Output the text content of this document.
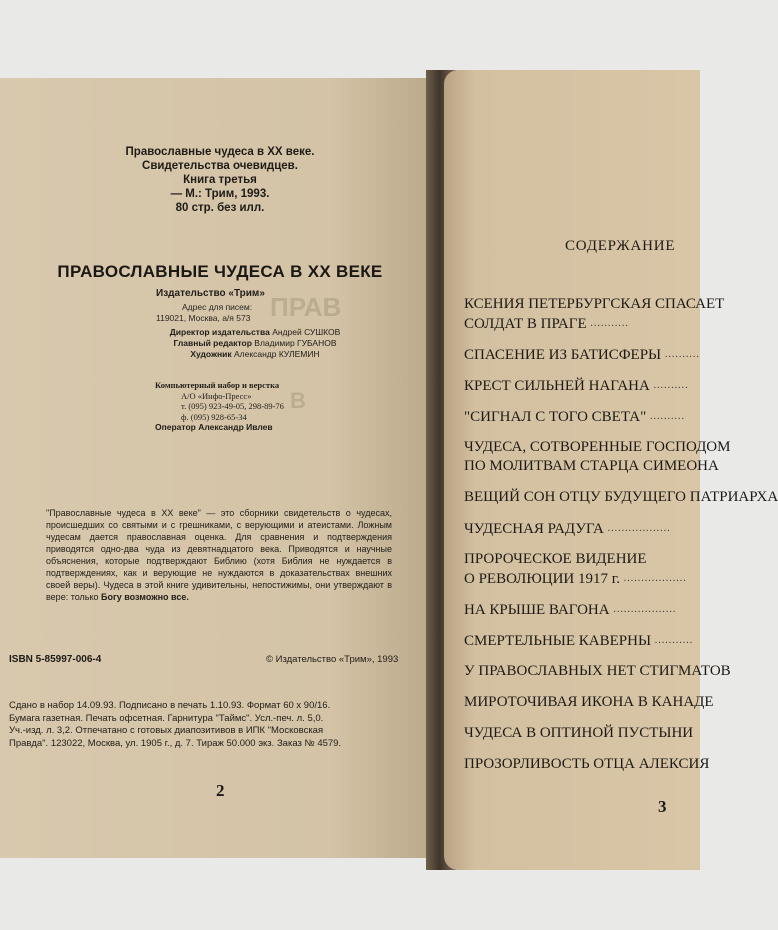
ПРАВ
В
Православные чудеса в ХХ веке.
Свидетельства очевидцев.
Книга третья
— М.: Трим, 1993.
80 стр. без илл.
ПРАВОСЛАВНЫЕ ЧУДЕСА В ХХ ВЕКЕ
Издательство «Трим»
Адрес для писем:
119021, Москва, а/я 573
Директор издательства Андрей СУШКОВ
Главный редактор Владимир ГУБАНОВ
Художник Александр КУЛЕМИН
Компьютерный набор и верстка
А/О «Инфо-Пресс»
т. (095) 923-49-05, 298-89-76
ф. (095) 928-65-34
Оператор Александр Ивлев
"Православные чудеса в ХХ веке" — это сборники свидетельств о чудесах, происшедших со святыми и с грешниками, с верующими и атеистами. Ложным чудесам дается православная оценка. Для сравнения и подтверждения приводятся одно-два чуда из девятнадцатого века. Приводятся и научные объяснения, которые подтверждают Библию (хотя Библия не нуждается в подтверждениях, как и верующие не нуждаются в доказательствах внешних своей веры). Чудеса в этой книге удивительны, непостижимы, они утверждают в вере: только Богу возможно все.
ISBN 5-85997-006-4	© Издательство «Трим», 1993
Сдано в набор 14.09.93. Подписано в печать 1.10.93. Формат 60 х 90/16.
Бумага газетная. Печать офсетная. Гарнитура "Таймс". Усл.-печ. л. 5,0.
Уч.-изд. л. 3,2. Отпечатано с готовых диапозитивов в ИПК "Московская
Правда". 123022, Москва, ул. 1905 г., д. 7. Тираж 50.000 экз. Заказ № 4579.
2
СОДЕРЖАНИЕ
КСЕНИЯ ПЕТЕРБУРГСКАЯ СПАСАЕТ
СОЛДАТ В ПРАГЕ ...........
СПАСЕНИЕ ИЗ БАТИСФЕРЫ ..........
КРЕСТ СИЛЬНЕЙ НАГАНА ..........
"СИГНАЛ С ТОГО СВЕТА" ..........
ЧУДЕСА, СОТВОРЕННЫЕ ГОСПОДОМ
ПО МОЛИТВАМ СТАРЦА СИМЕОНА
ВЕЩИЙ СОН ОТЦУ БУДУЩЕГО ПАТРИАРХА
ЧУДЕСНАЯ РАДУГА ..................
ПРОРОЧЕСКОЕ ВИДЕНИЕ
О РЕВОЛЮЦИИ 1917 г. ..................
НА КРЫШЕ ВАГОНА ..................
СМЕРТЕЛЬНЫЕ КАВЕРНЫ ...........
У ПРАВОСЛАВНЫХ НЕТ СТИГМАТОВ
МИРОТОЧИВАЯ ИКОНА В КАНАДЕ
ЧУДЕСА В ОПТИНОЙ ПУСТЫНИ
ПРОЗОРЛИВОСТЬ ОТЦА АЛЕКСИЯ
3
